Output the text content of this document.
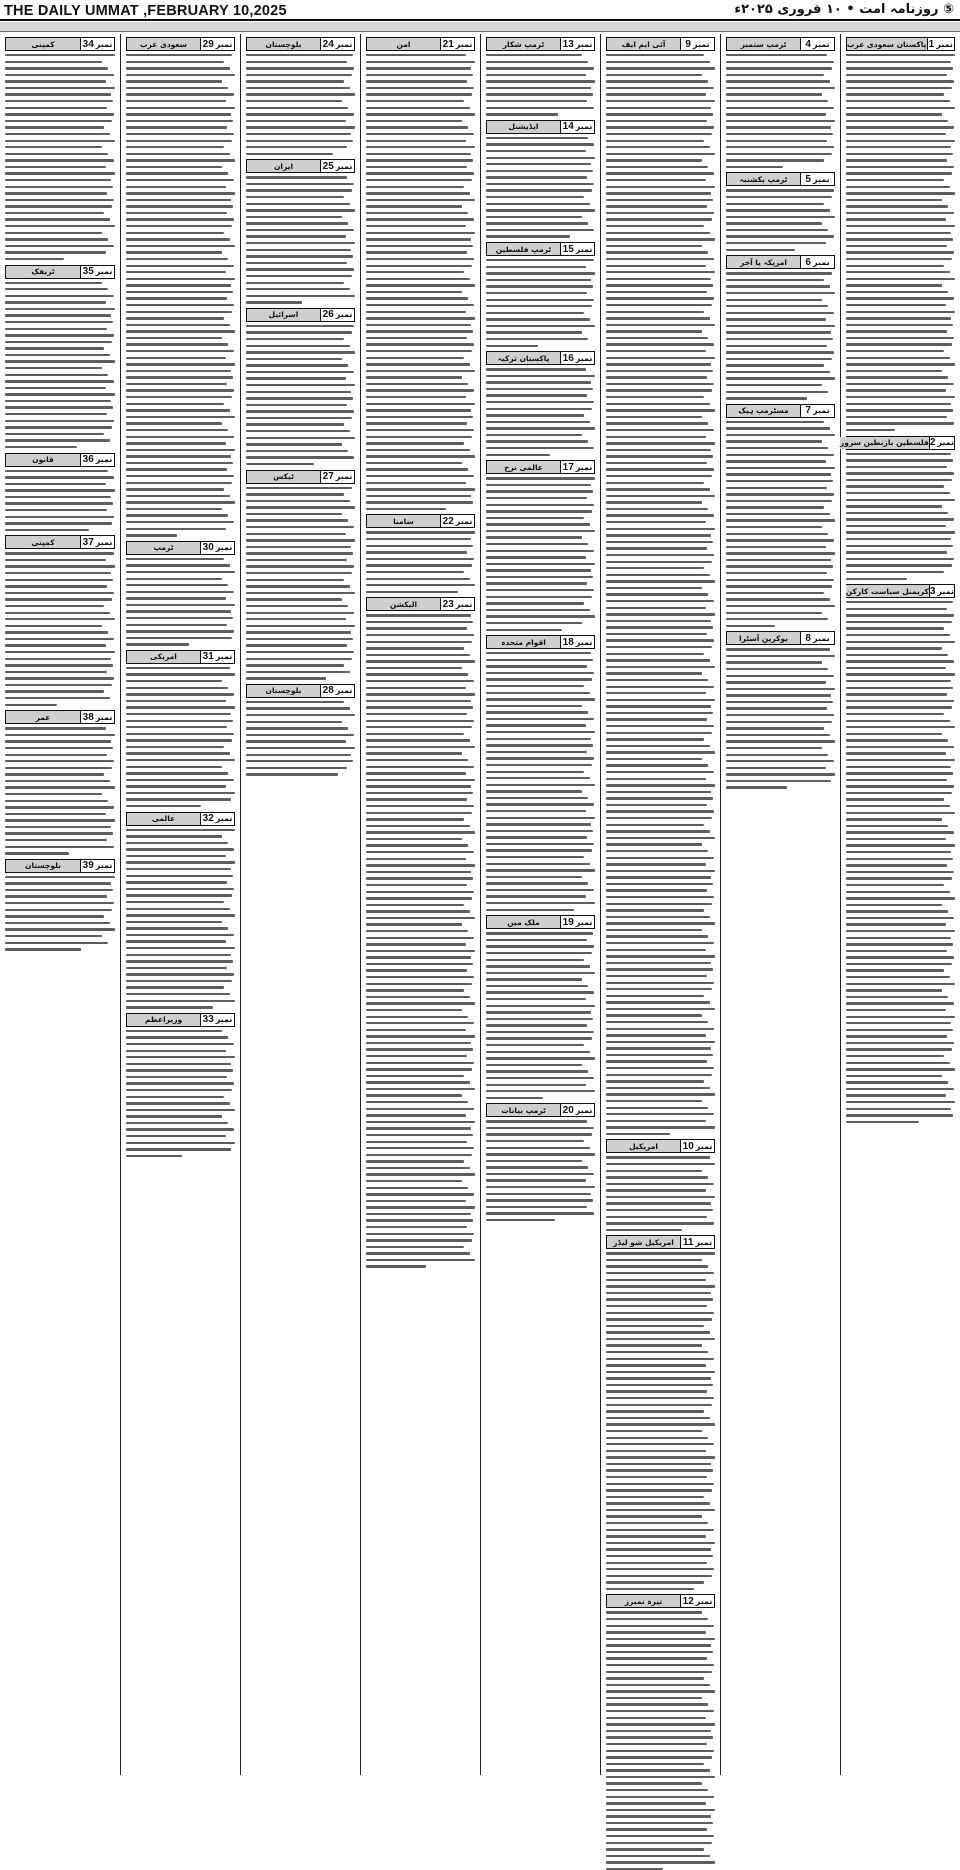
THE DAILY UMMAT ,FEBRUARY 10,2025	⑤ روزنامہ امت • ۱۰ فروری ۲۰۲۵ء
نمبر
1
پاکستان سعودی عرب
نمبر
2
فلسطین بازنطین سرور
نمبر
3
کریمنل سیاست کارکن
نمبر
4
ٹرمپ ستمبر
نمبر
5
ٹرمپ یکشنبہ
نمبر
6
امریکہ یا آخر
نمبر
7
مسٹرمپ ہیک
نمبر
8
یوکرین آسٹرا
نمبر
9
آئی ایم ایف
نمبر
10
امریکیل
نمبر
11
امریکیل شو لیڈر
نمبر
12
تیرہ نمبرز
نمبر
13
ٹرمپ شکار
نمبر
14
ایڈیشنل
نمبر
15
ٹرمپ فلسطین
نمبر
16
پاکستان ترکیہ
نمبر
17
عالمی نرخ
نمبر
18
اقوام متحدہ
نمبر
19
ملک میں
نمبر
20
ٹرمپ بیانات
نمبر
21
امن
نمبر
22
سامنا
نمبر
23
الیکشن
نمبر
24
بلوچستان
نمبر
25
ایران
نمبر
26
اسرائیل
نمبر
27
ٹیکس
نمبر
28
بلوچستان
نمبر
29
سعودی عرب
نمبر
30
ٹرمپ
نمبر
31
امریکی
نمبر
32
عالمی
نمبر
33
وزیراعظم
نمبر
34
کمپنی
نمبر
35
ٹریفک
نمبر
36
قانون
نمبر
37
کمپنی
نمبر
38
عمر
نمبر
39
بلوچستان
